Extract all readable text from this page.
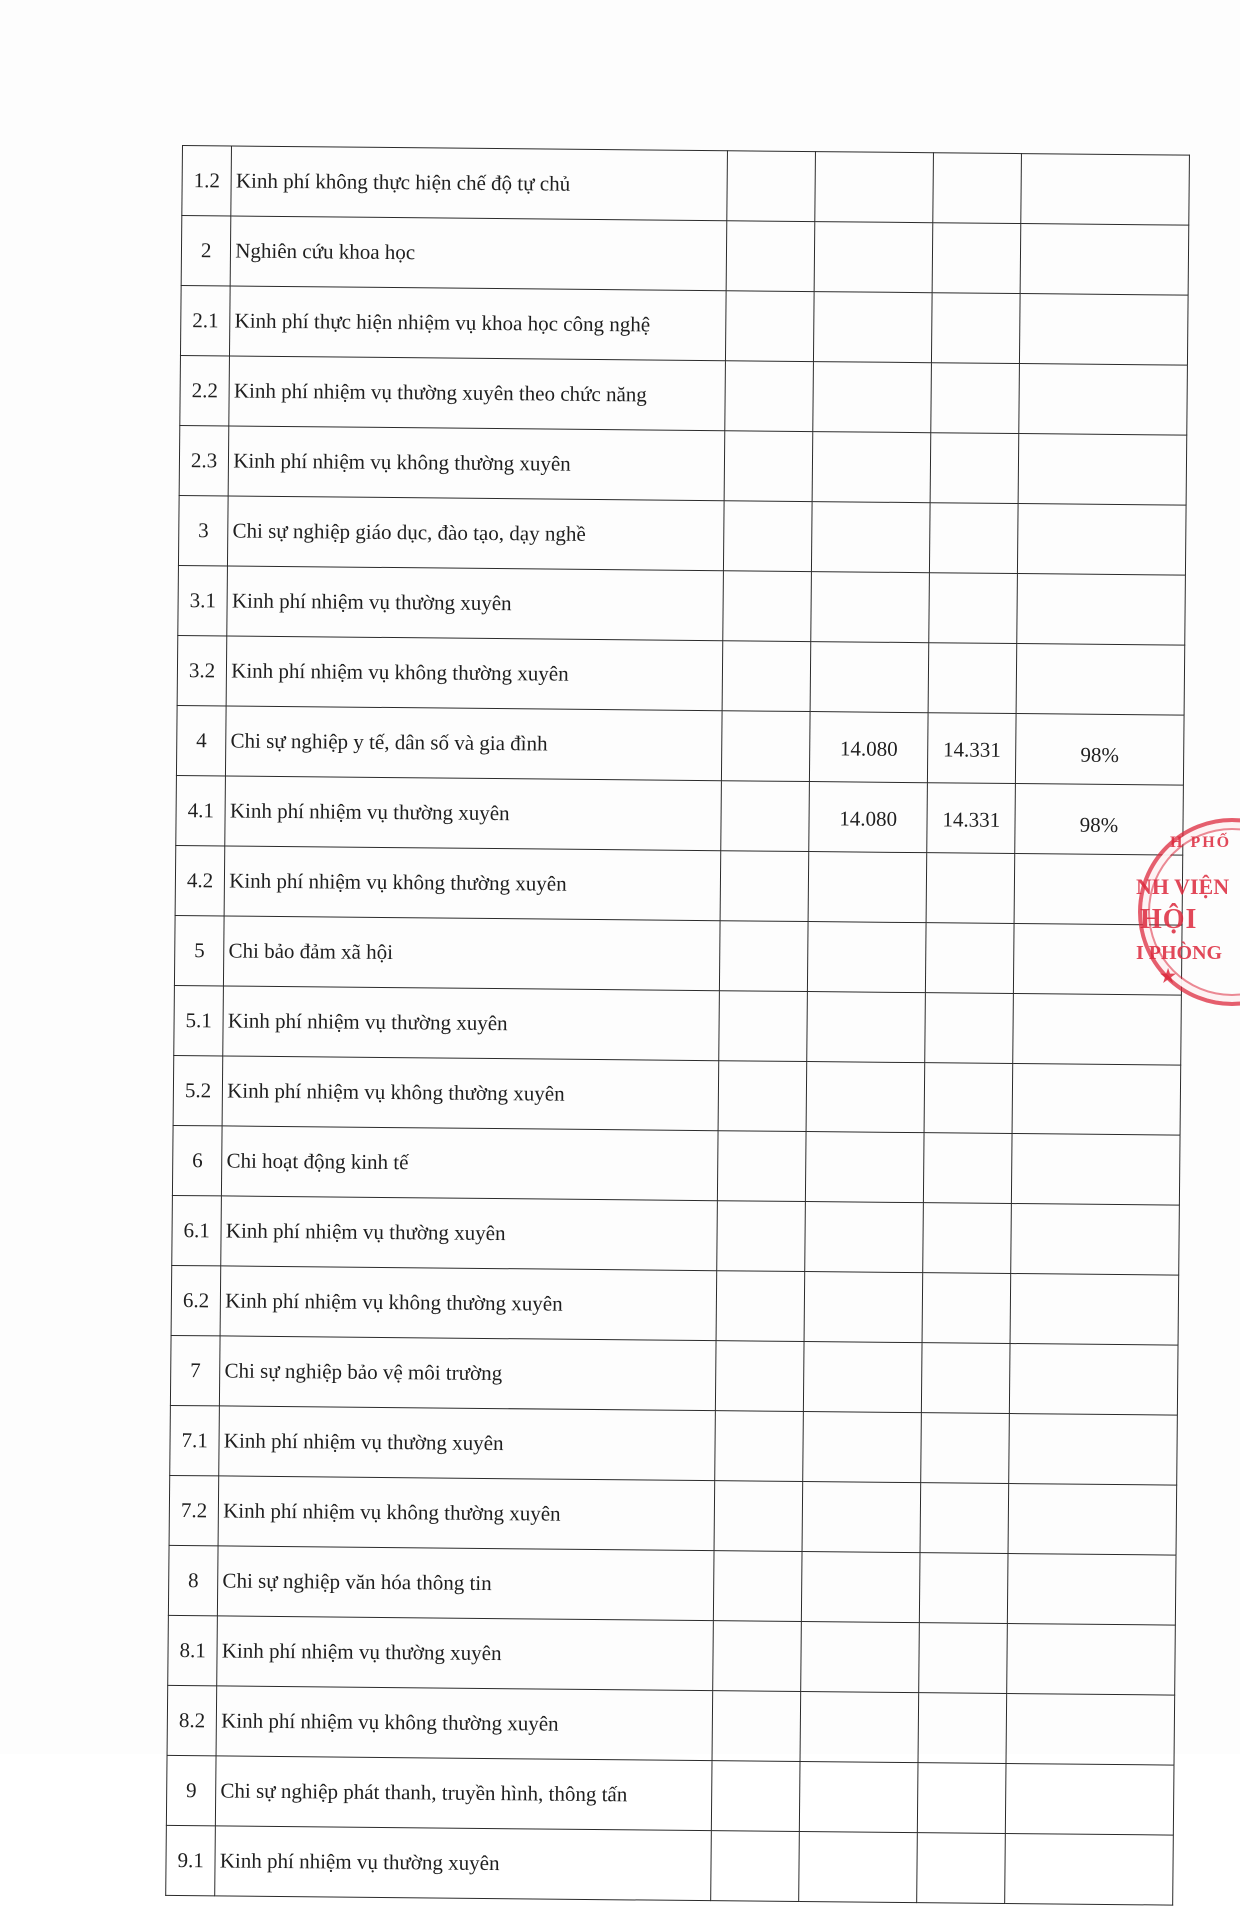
1.2	Kinh phí không thực hiện chế độ tự chủ				
2	Nghiên cứu khoa học				
2.1	Kinh phí thực hiện nhiệm vụ khoa học công nghệ				
2.2	Kinh phí nhiệm vụ thường xuyên theo chức năng				
2.3	Kinh phí nhiệm vụ không thường xuyên				
3	Chi sự nghiệp giáo dục, đào tạo, dạy nghề				
3.1	Kinh phí nhiệm vụ thường xuyên				
3.2	Kinh phí nhiệm vụ không thường xuyên				
4	Chi sự nghiệp y tế, dân số và gia đình		14.080	14.331	98%
4.1	Kinh phí nhiệm vụ thường xuyên		14.080	14.331	98%
4.2	Kinh phí nhiệm vụ không thường xuyên				
5	Chi bảo đảm xã hội				
5.1	Kinh phí nhiệm vụ thường xuyên				
5.2	Kinh phí nhiệm vụ không thường xuyên				
6	Chi hoạt động kinh tế				
6.1	Kinh phí nhiệm vụ thường xuyên				
6.2	Kinh phí nhiệm vụ không thường xuyên				
7	Chi sự nghiệp bảo vệ môi trường				
7.1	Kinh phí nhiệm vụ thường xuyên				
7.2	Kinh phí nhiệm vụ không thường xuyên				
8	Chi sự nghiệp văn hóa thông tin				
8.1	Kinh phí nhiệm vụ thường xuyên				
8.2	Kinh phí nhiệm vụ không thường xuyên				
9	Chi sự nghiệp phát thanh, truyền hình, thông tấn				
9.1	Kinh phí nhiệm vụ thường xuyên				
H PHỐ
NH VIỆN
HỘI
I PHÒNG
★
